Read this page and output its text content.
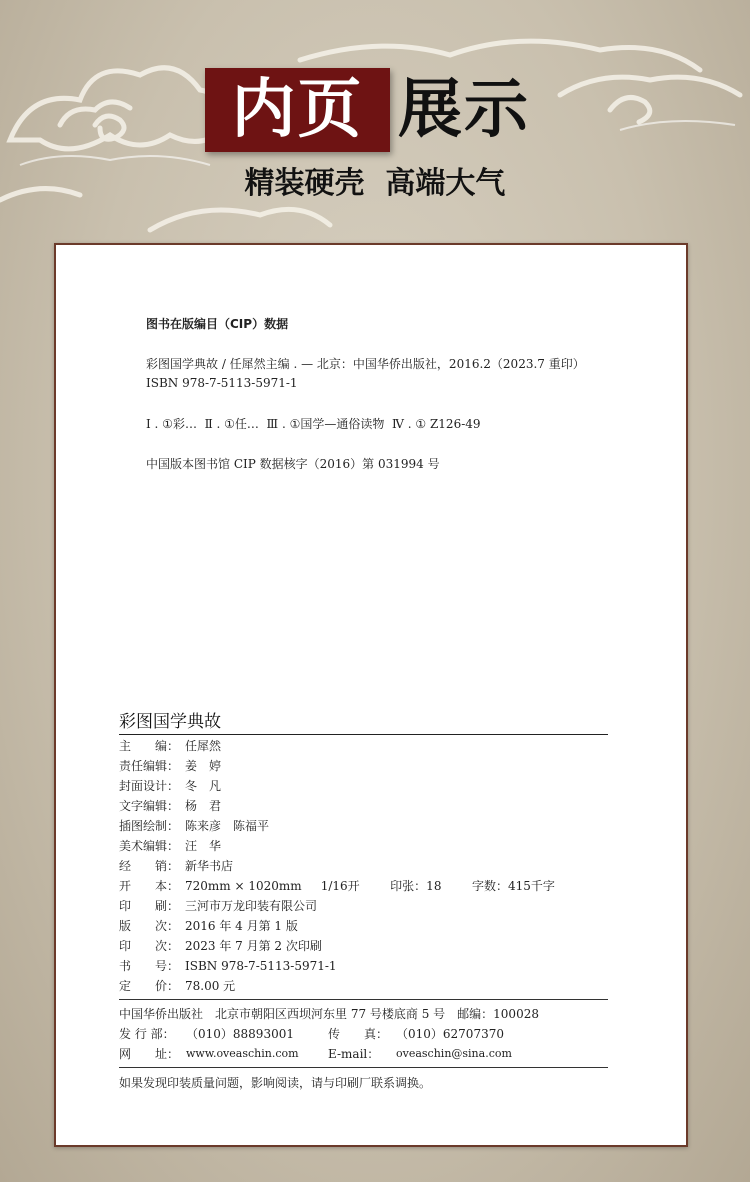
内页 展示
精装硬壳  高端大气
图书在版编目（CIP）数据
彩图国学典故 / 任犀然主编 . — 北京：中国华侨出版社，2016.2（2023.7 重印）
ISBN 978-7-5113-5971-1
Ⅰ . ①彩…  Ⅱ . ①任…  Ⅲ . ①国学—通俗读物  Ⅳ . ① Z126-49
中国版本图书馆 CIP 数据核字（2016）第 031994 号
彩图国学典故
主　　编： 任犀然
责任编辑： 姜　婷
封面设计： 冬　凡
文字编辑： 杨　君
插图绘制： 陈来彦　陈福平
美术编辑： 汪　华
经　　销： 新华书店
开　　本： 720mm × 1020mm     1/16开        印张：18        字数：415千字
印　　刷： 三河市万龙印装有限公司
版　　次： 2016 年 4 月第 1 版
印　　次： 2023 年 7 月第 2 次印刷
书　　号： ISBN 978-7-5113-5971-1
定　　价： 78.00 元
中国华侨出版社　北京市朝阳区西坝河东里 77 号楼底商 5 号　邮编：100028
发 行 部： （010）88893001	传　　真： （010）62707370
网　　址： www.oveaschin.com E-mail： oveaschin@sina.com
如果发现印装质量问题，影响阅读，请与印刷厂联系调换。
